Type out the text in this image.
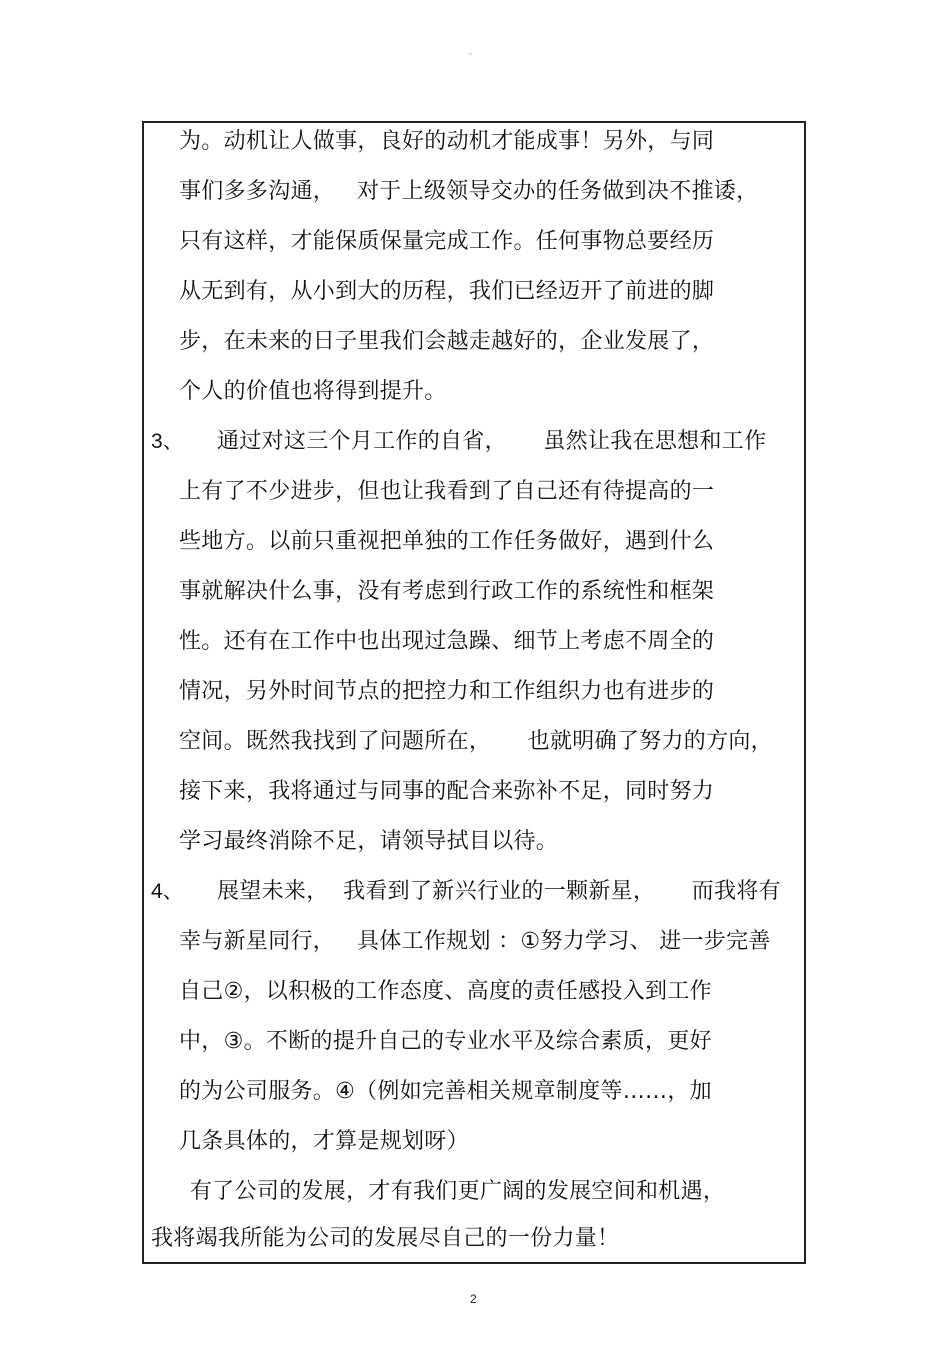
。
为。动机让人做事，良好的动机才能成事！另外，与同
事们多多沟通，   对于上级领导交办的任务做到决不推诿，
只有这样，才能保质保量完成工作。任何事物总要经历
从无到有，从小到大的历程，我们已经迈开了前进的脚
步，在未来的日子里我们会越走越好的，企业发展了，
个人的价值也将得到提升。
3、 通过对这三个月工作的自省，     虽然让我在思想和工作
上有了不少进步，但也让我看到了自己还有待提高的一
些地方。以前只重视把单独的工作任务做好，遇到什么
事就解决什么事，没有考虑到行政工作的系统性和框架
性。还有在工作中也出现过急躁、细节上考虑不周全的
情况，另外时间节点的把控力和工作组织力也有进步的
空间。既然我找到了问题所在，     也就明确了努力的方向，
接下来，我将通过与同事的配合来弥补不足，同时努力
学习最终消除不足，请领导拭目以待。
4、 展望未来，  我看到了新兴行业的一颗新星，     而我将有
幸与新星同行，   具体工作规划 ：①努力学习、 进一步完善
自己②，以积极的工作态度、高度的责任感投入到工作
中，③。不断的提升自己的专业水平及综合素质，更好
的为公司服务。④（例如完善相关规章制度等……，加
几条具体的，才算是规划呀）
有了公司的发展，才有我们更广阔的发展空间和机遇，
我将竭我所能为公司的发展尽自己的一份力量！
2
